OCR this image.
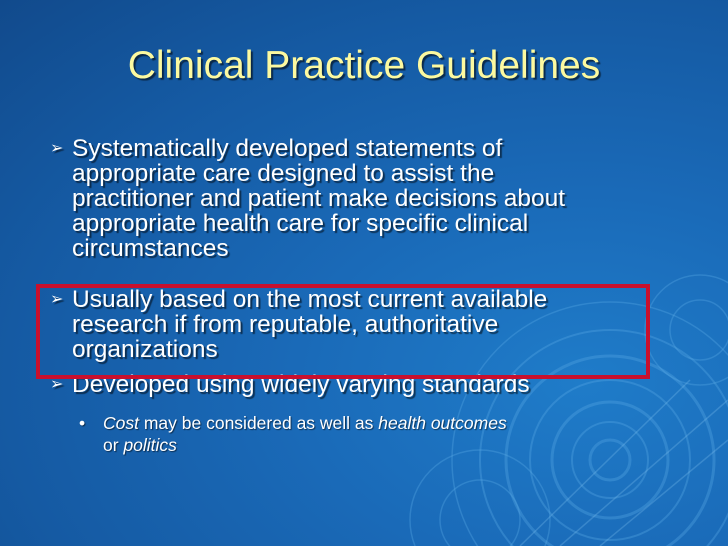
Clinical Practice Guidelines
➢ Systematically developed statements of
appropriate care designed to assist the
practitioner and patient make decisions about
appropriate health care for specific clinical
circumstances
➢ Usually based on the most current available
research if from reputable, authoritative
organizations
➢ Developed using widely varying standards
•	Cost may be considered as well as health outcomes
or politics
